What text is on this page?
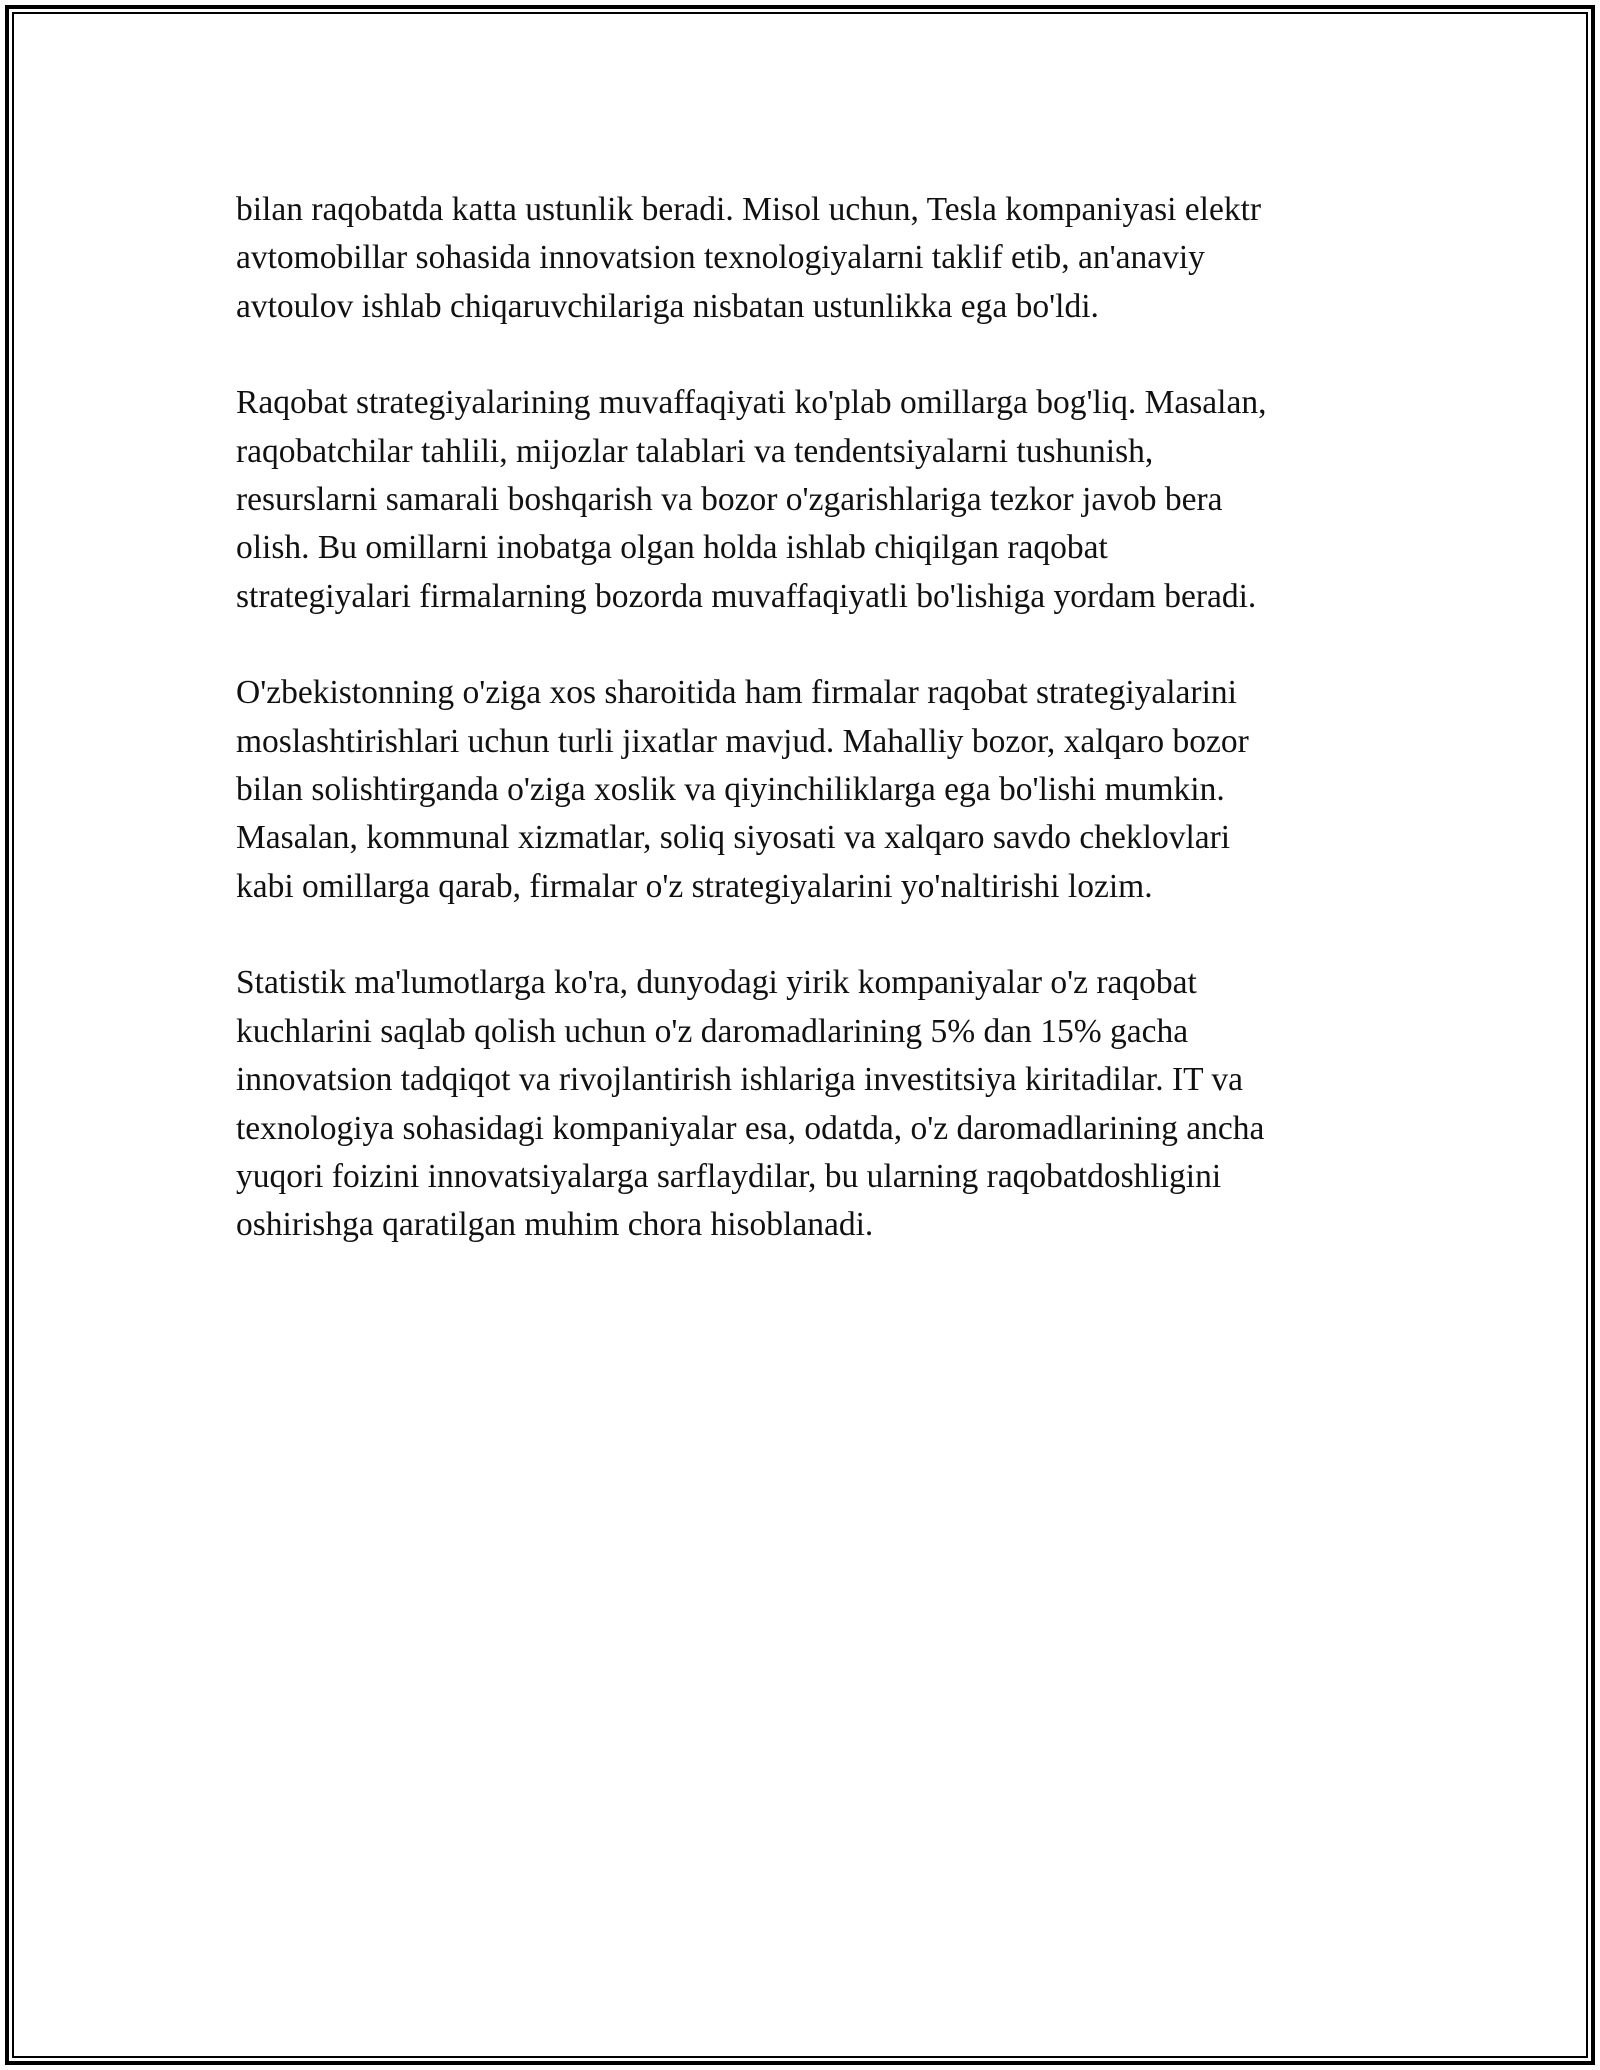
bilan raqobatda katta ustunlik beradi. Misol uchun, Tesla kompaniyasi elektr
avtomobillar sohasida innovatsion texnologiyalarni taklif etib, an'anaviy
avtoulov ishlab chiqaruvchilariga nisbatan ustunlikka ega bo'ldi.

Raqobat strategiyalarining muvaffaqiyati ko'plab omillarga bog'liq. Masalan,
raqobatchilar tahlili, mijozlar talablari va tendentsiyalarni tushunish,
resurslarni samarali boshqarish va bozor o'zgarishlariga tezkor javob bera
olish. Bu omillarni inobatga olgan holda ishlab chiqilgan raqobat
strategiyalari firmalarning bozorda muvaffaqiyatli bo'lishiga yordam beradi.

O'zbekistonning o'ziga xos sharoitida ham firmalar raqobat strategiyalarini
moslashtirishlari uchun turli jixatlar mavjud. Mahalliy bozor, xalqaro bozor
bilan solishtirganda o'ziga xoslik va qiyinchiliklarga ega bo'lishi mumkin.
Masalan, kommunal xizmatlar, soliq siyosati va xalqaro savdo cheklovlari
kabi omillarga qarab, firmalar o'z strategiyalarini yo'naltirishi lozim.

Statistik ma'lumotlarga ko'ra, dunyodagi yirik kompaniyalar o'z raqobat
kuchlarini saqlab qolish uchun o'z daromadlarining 5% dan 15% gacha
innovatsion tadqiqot va rivojlantirish ishlariga investitsiya kiritadilar. IT va
texnologiya sohasidagi kompaniyalar esa, odatda, o'z daromadlarining ancha
yuqori foizini innovatsiyalarga sarflaydilar, bu ularning raqobatdoshligini
oshirishga qaratilgan muhim chora hisoblanadi.
